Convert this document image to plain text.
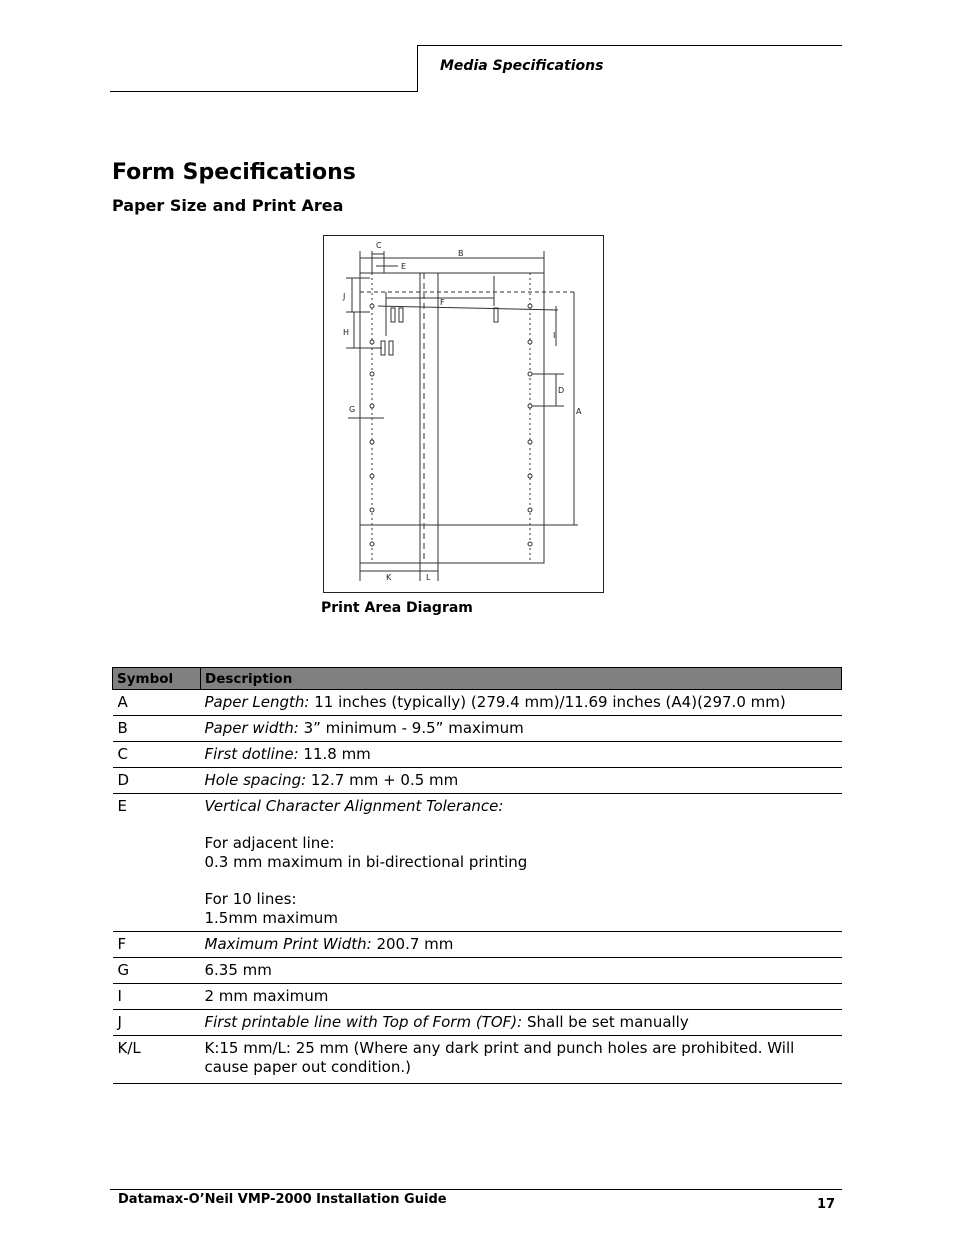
Media Specifications
Form Specifications
Paper Size and Print Area
B
C
E
F
J
H
G
D
A
I
K	L
Print Area Diagram
Symbol	Description
A	Paper Length: 11 inches (typically) (279.4 mm)/11.69 inches (A4)(297.0 mm)
B	Paper width: 3” minimum - 9.5” maximum
C	First dotline: 11.8 mm
D	Hole spacing: 12.7 mm + 0.5 mm
E	Vertical Character Alignment Tolerance:
For adjacent line:
0.3 mm maximum in bi-directional printing
For 10 lines:
1.5mm maximum

F	Maximum Print Width: 200.7 mm
G	6.35 mm
I	2 mm maximum
J	First printable line with Top of Form (TOF): Shall be set manually
K/L	K:15 mm/L: 25 mm (Where any dark print and punch holes are prohibited. Will cause paper out condition.)
Datamax-O’Neil VMP-2000 Installation Guide	17
